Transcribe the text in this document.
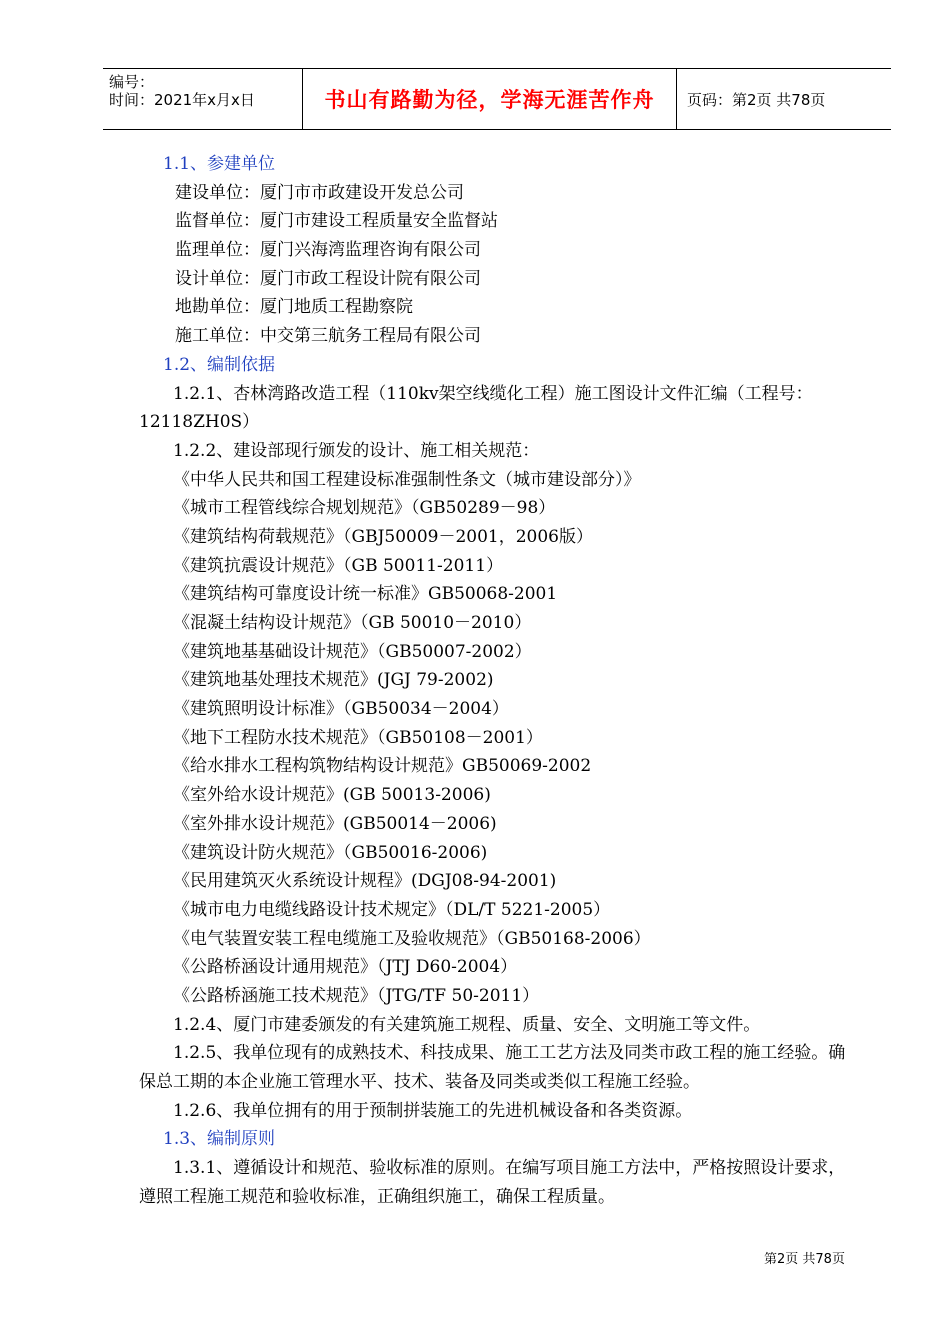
编号：
时间：2021年x月x日	书山有路勤为径，学海无涯苦作舟	页码：第2页 共78页
1.1、参建单位
建设单位：厦门市市政建设开发总公司
监督单位：厦门市建设工程质量安全监督站
监理单位：厦门兴海湾监理咨询有限公司
设计单位：厦门市政工程设计院有限公司
地勘单位：厦门地质工程勘察院
施工单位：中交第三航务工程局有限公司
1.2、编制依据
1.2.1、杏林湾路改造工程（110kv架空线缆化工程）施工图设计文件汇编（工程号：12118ZH0S）
1.2.2、建设部现行颁发的设计、施工相关规范：
《中华人民共和国工程建设标准强制性条文（城市建设部分）》
《城市工程管线综合规划规范》（GB50289－98）
《建筑结构荷载规范》（GBJ50009－2001，2006版）
《建筑抗震设计规范》（GB 50011-2011）
《建筑结构可靠度设计统一标准》GB50068-2001
《混凝土结构设计规范》（GB 50010－2010）
《建筑地基基础设计规范》（GB50007-2002）
《建筑地基处理技术规范》(JGJ 79-2002)
《建筑照明设计标准》（GB50034－2004）
《地下工程防水技术规范》（GB50108－2001）
《给水排水工程构筑物结构设计规范》GB50069-2002
《室外给水设计规范》(GB 50013-2006)
《室外排水设计规范》(GB50014－2006)
《建筑设计防火规范》（GB50016-2006)
《民用建筑灭火系统设计规程》(DGJ08-94-2001)
《城市电力电缆线路设计技术规定》（DL/T 5221-2005）
《电气装置安装工程电缆施工及验收规范》（GB50168-2006）
《公路桥涵设计通用规范》（JTJ D60-2004）
《公路桥涵施工技术规范》（JTG/TF 50-2011）
1.2.4、厦门市建委颁发的有关建筑施工规程、质量、安全、文明施工等文件。
1.2.5、我单位现有的成熟技术、科技成果、施工工艺方法及同类市政工程的施工经验。确保总工期的本企业施工管理水平、技术、装备及同类或类似工程施工经验。
1.2.6、我单位拥有的用于预制拼装施工的先进机械设备和各类资源。
1.3、编制原则
1.3.1、遵循设计和规范、验收标准的原则。在编写项目施工方法中，严格按照设计要求，遵照工程施工规范和验收标准，正确组织施工，确保工程质量。
第2页 共78页
